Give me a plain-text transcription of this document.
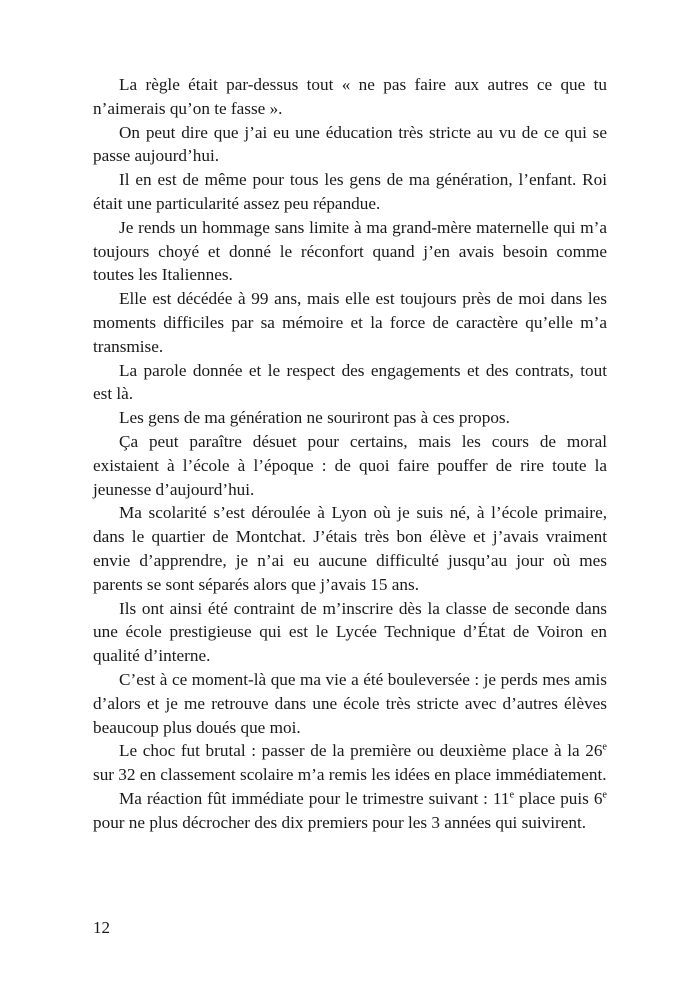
La règle était par-dessus tout « ne pas faire aux autres ce que tu n’aimerais qu’on te fasse ».

On peut dire que j’ai eu une éducation très stricte au vu de ce qui se passe aujourd’hui.

Il en est de même pour tous les gens de ma génération, l’enfant. Roi était une particularité assez peu répandue.

Je rends un hommage sans limite à ma grand-mère maternelle qui m’a toujours choyé et donné le réconfort quand j’en avais besoin comme toutes les Italiennes.

Elle est décédée à 99 ans, mais elle est toujours près de moi dans les moments difficiles par sa mémoire et la force de caractère qu’elle m’a transmise.

La parole donnée et le respect des engagements et des contrats, tout est là.

Les gens de ma génération ne souriront pas à ces propos.

Ça peut paraître désuet pour certains, mais les cours de moral existaient à l’école à l’époque : de quoi faire pouffer de rire toute la jeunesse d’aujourd’hui.

Ma scolarité s’est déroulée à Lyon où je suis né, à l’école primaire, dans le quartier de Montchat. J’étais très bon élève et j’avais vraiment envie d’apprendre, je n’ai eu aucune difficulté jusqu’au jour où mes parents se sont séparés alors que j’avais 15 ans.

Ils ont ainsi été contraint de m’inscrire dès la classe de seconde dans une école prestigieuse qui est le Lycée Technique d’État de Voiron en qualité d’interne.

C’est à ce moment-là que ma vie a été bouleversée : je perds mes amis d’alors et je me retrouve dans une école très stricte avec d’autres élèves beaucoup plus doués que moi.

Le choc fut brutal : passer de la première ou deuxième place à la 26e sur 32 en classement scolaire m’a remis les idées en place immédiatement.

Ma réaction fût immédiate pour le trimestre suivant : 11e place puis 6e pour ne plus décrocher des dix premiers pour les 3 années qui suivirent.

12
